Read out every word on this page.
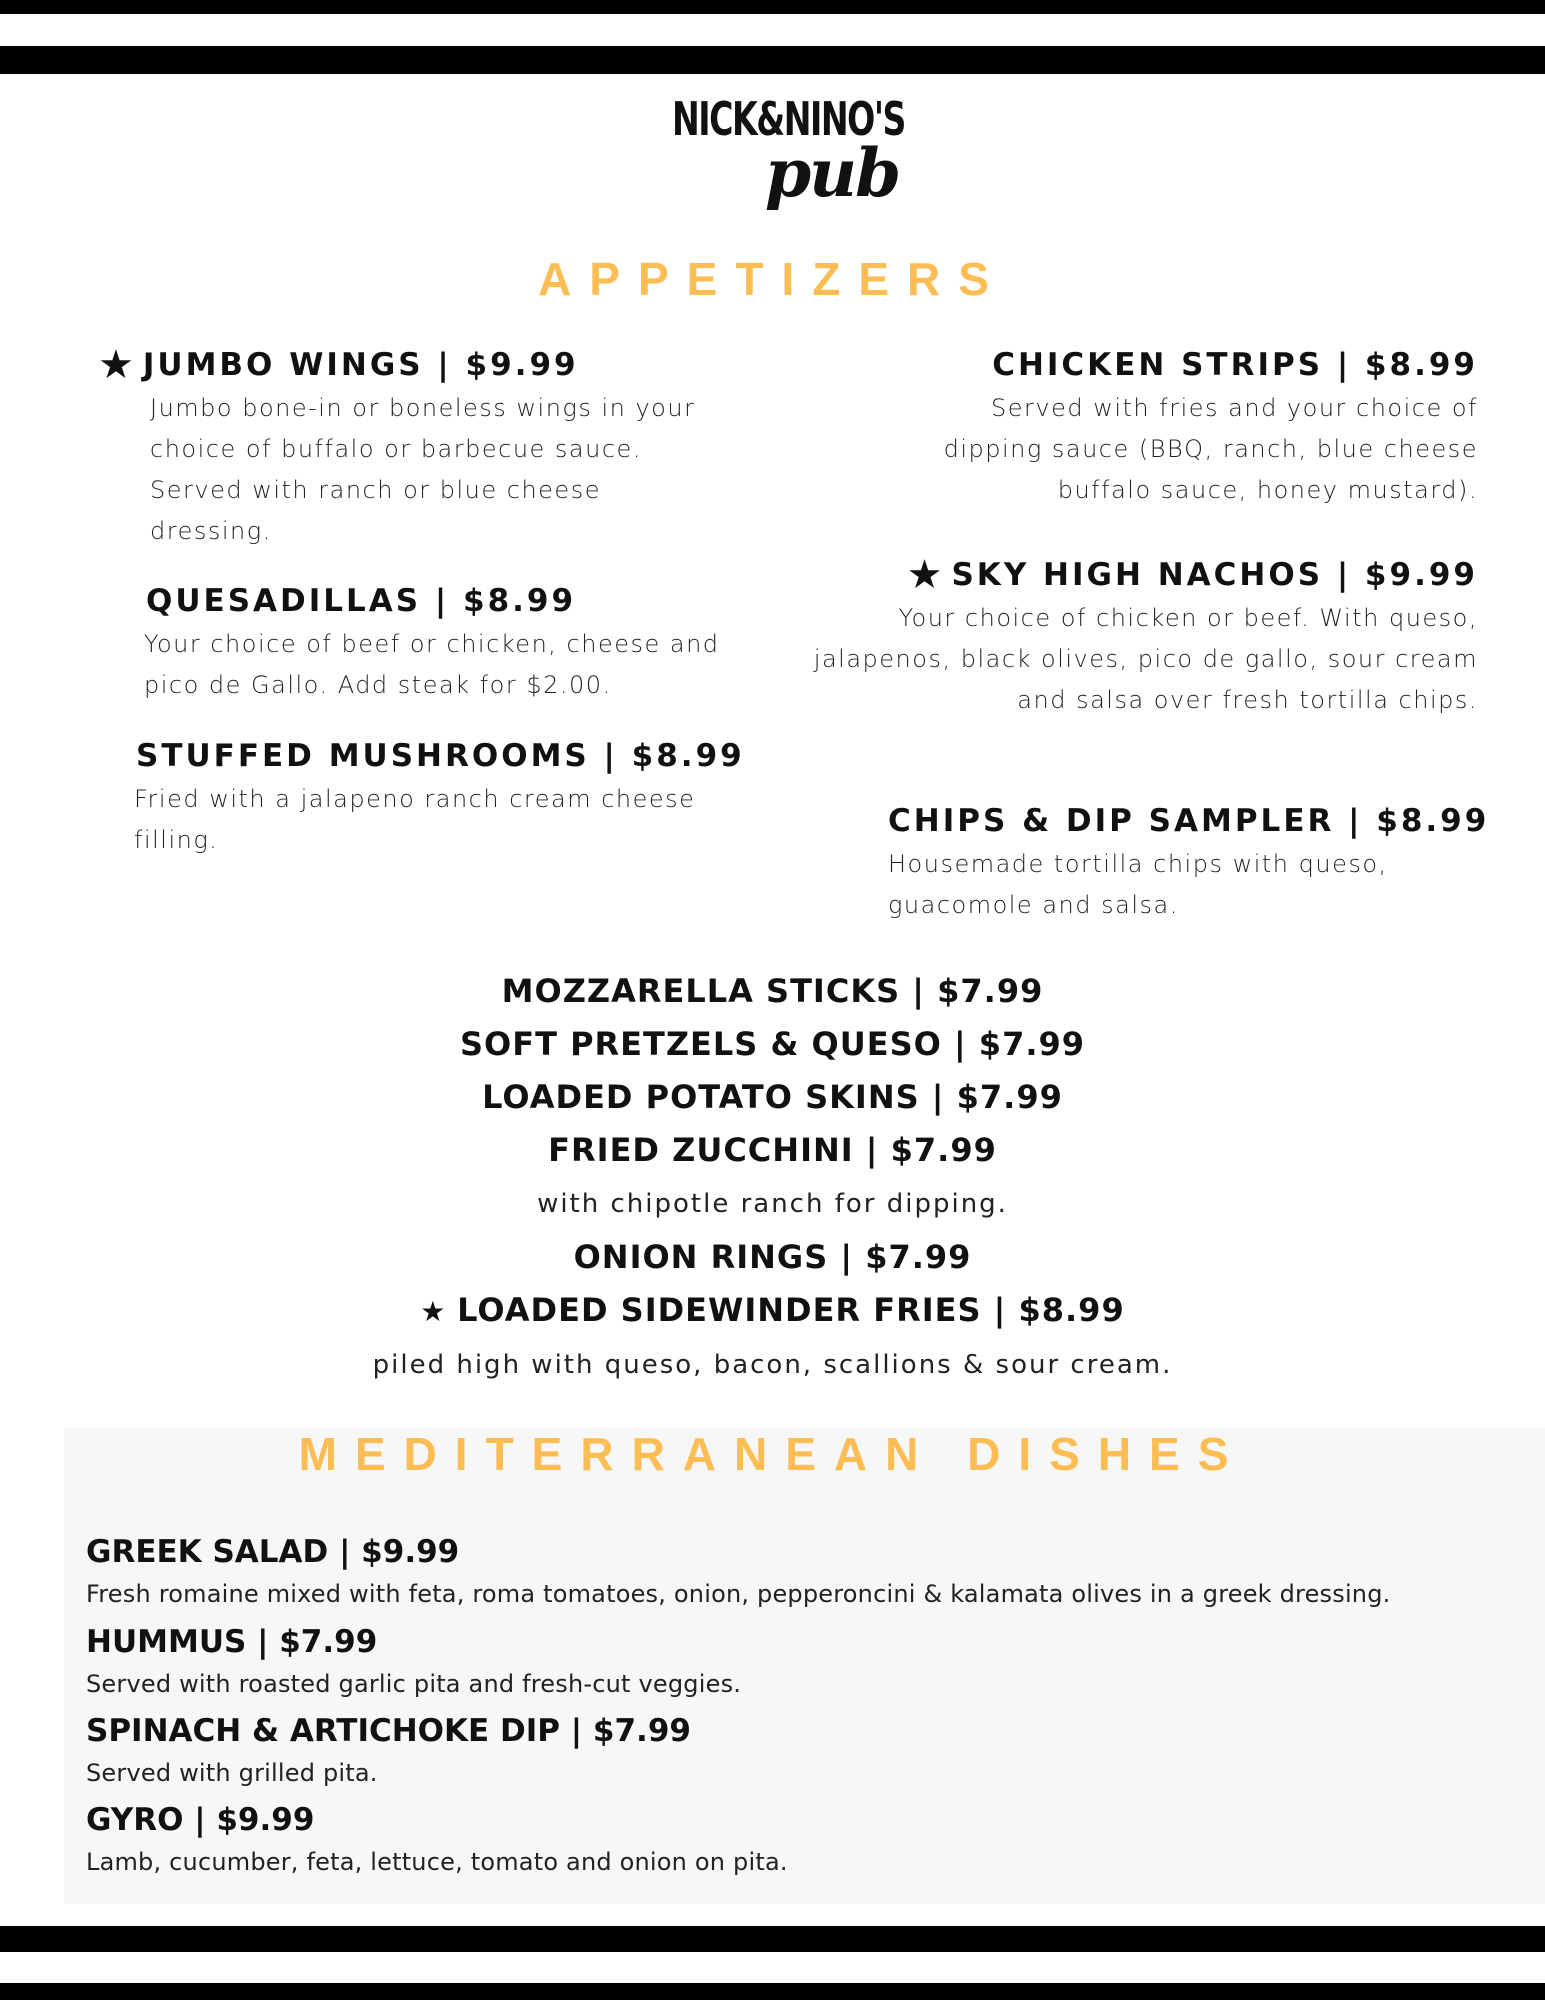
NICK&NINO'S
pub
APPETIZERS
★ JUMBO WINGS | $9.99
Jumbo bone-in or boneless wings in your choice of buffalo or barbecue sauce. Served with ranch or blue cheese dressing.
QUESADILLAS | $8.99
Your choice of beef or chicken, cheese and pico de Gallo. Add steak for $2.00.
STUFFED MUSHROOMS | $8.99
Fried with a jalapeno ranch cream cheese filling.
CHICKEN STRIPS | $8.99
Served with fries and your choice of dipping sauce (BBQ, ranch, blue cheese buffalo sauce, honey mustard).
★ SKY HIGH NACHOS | $9.99
Your choice of chicken or beef. With queso, jalapenos, black olives, pico de gallo, sour cream and salsa over fresh tortilla chips.
CHIPS & DIP SAMPLER | $8.99
Housemade tortilla chips with queso, guacomole and salsa.
MOZZARELLA STICKS | $7.99
SOFT PRETZELS & QUESO | $7.99
LOADED POTATO SKINS | $7.99
FRIED ZUCCHINI | $7.99
with chipotle ranch for dipping.
ONION RINGS | $7.99
★ LOADED SIDEWINDER FRIES | $8.99
piled high with queso, bacon, scallions & sour cream.
MEDITERRANEAN DISHES
GREEK SALAD | $9.99
Fresh romaine mixed with feta, roma tomatoes, onion, pepperoncini & kalamata olives in a greek dressing.
HUMMUS | $7.99
Served with roasted garlic pita and fresh-cut veggies.
SPINACH & ARTICHOKE DIP | $7.99
Served with grilled pita.
GYRO | $9.99
Lamb, cucumber, feta, lettuce, tomato and onion on pita.
